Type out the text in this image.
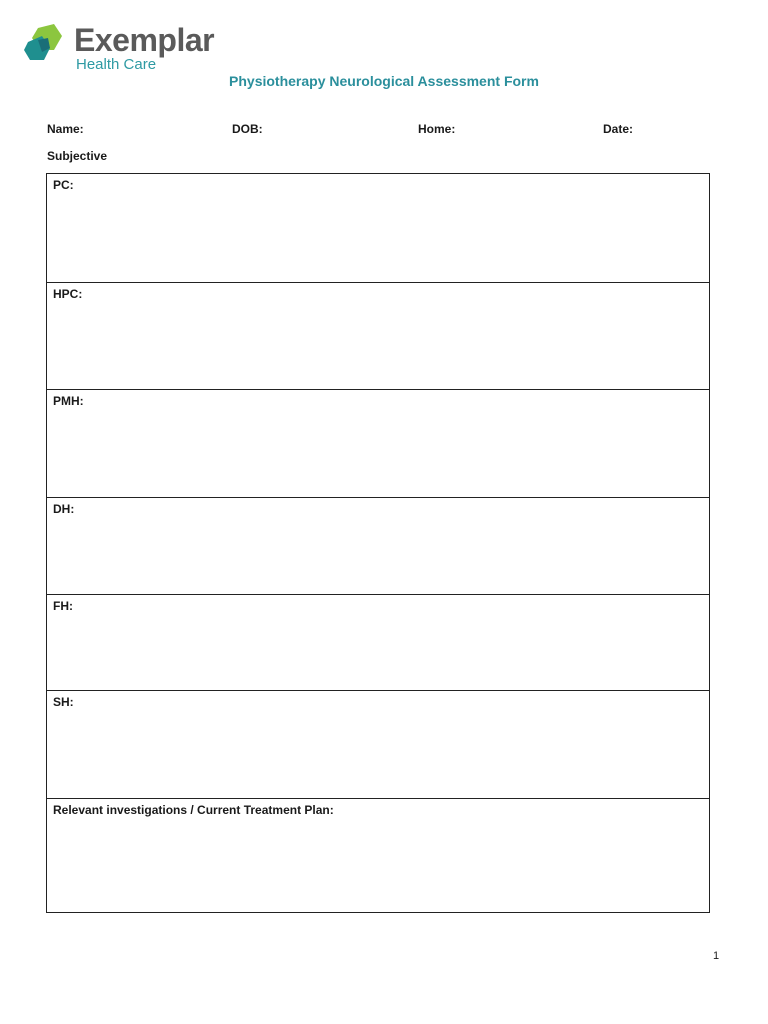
Exemplar
Health Care
Physiotherapy Neurological Assessment Form
Name:	DOB:	Home:	Date:
Subjective
PC:
HPC:
PMH:
DH:
FH:
SH:
Relevant investigations / Current Treatment Plan:
1
